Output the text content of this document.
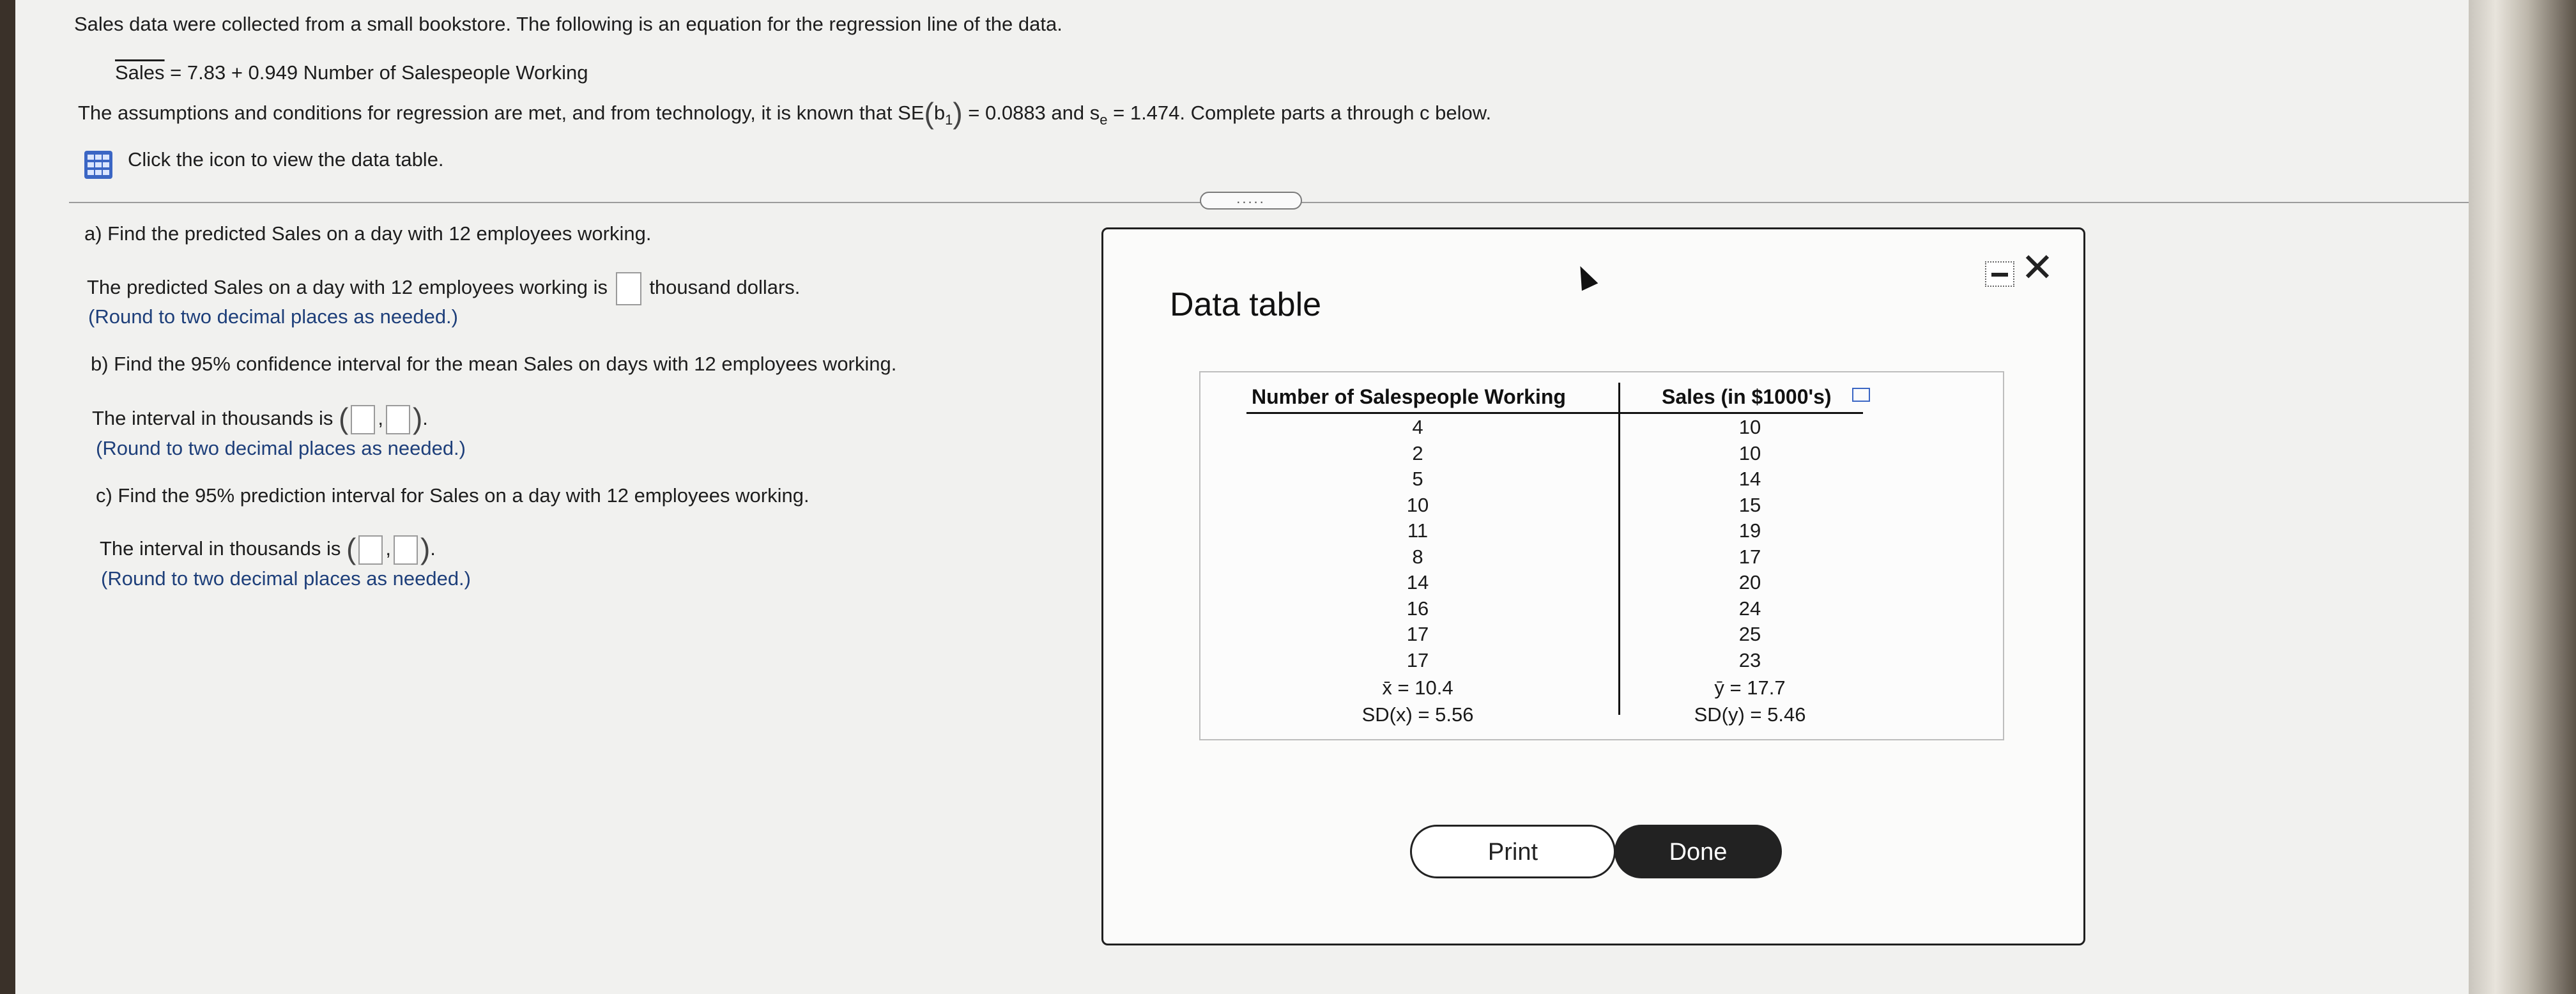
Sales data were collected from a small bookstore. The following is an equation for the regression line of the data.
Sales = 7.83 + 0.949 Number of Salespeople Working
The assumptions and conditions for regression are met, and from technology, it is known that $SE(b_1) = 0.0883$ and $s_e = 1.474$. Complete parts a through c below.
Click the icon to view the data table.
.....
a) Find the predicted Sales on a day with 12 employees working.
The predicted Sales on a day with 12 employees working is thousand dollars.
(Round to two decimal places as needed.)
b) Find the 95% confidence interval for the mean Sales on days with 12 employees working.
The interval in thousands is ( , ).
(Round to two decimal places as needed.)
c) Find the 95% prediction interval for Sales on a day with 12 employees working.
The interval in thousands is ( , ).
(Round to two decimal places as needed.)
Data table
✕
Number of Salespeople Working	Sales (in $1000's)
4
2
5
10
11
8
14
16
17
17
10
10
14
15
19
17
20
24
25
23
x̄ = 10.4
SD(x) = 5.56
ȳ = 17.7
SD(y) = 5.46
Print	Done
